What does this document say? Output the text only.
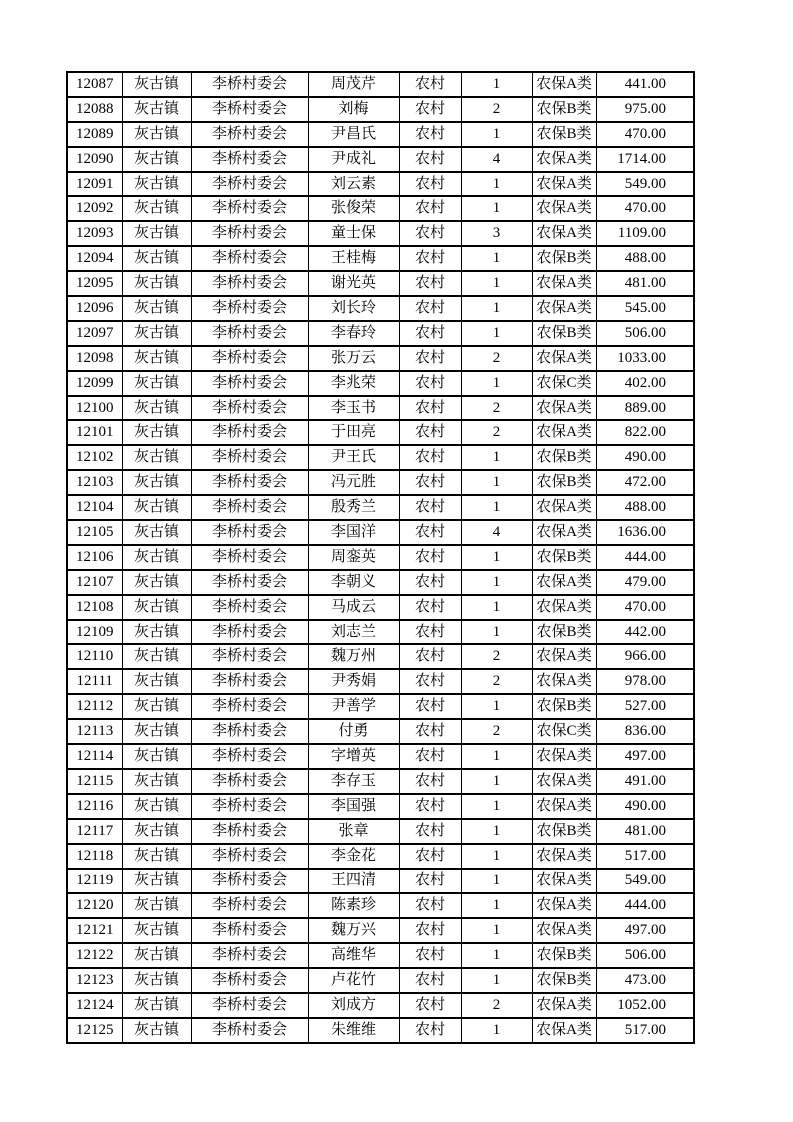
12087	灰古镇	李桥村委会	周茂芹	农村	1	农保A类	441.00
12088	灰古镇	李桥村委会	刘梅	农村	2	农保B类	975.00
12089	灰古镇	李桥村委会	尹昌氏	农村	1	农保B类	470.00
12090	灰古镇	李桥村委会	尹成礼	农村	4	农保A类	1714.00
12091	灰古镇	李桥村委会	刘云素	农村	1	农保A类	549.00
12092	灰古镇	李桥村委会	张俊荣	农村	1	农保A类	470.00
12093	灰古镇	李桥村委会	童士保	农村	3	农保A类	1109.00
12094	灰古镇	李桥村委会	王桂梅	农村	1	农保B类	488.00
12095	灰古镇	李桥村委会	谢光英	农村	1	农保A类	481.00
12096	灰古镇	李桥村委会	刘长玲	农村	1	农保A类	545.00
12097	灰古镇	李桥村委会	李春玲	农村	1	农保B类	506.00
12098	灰古镇	李桥村委会	张万云	农村	2	农保A类	1033.00
12099	灰古镇	李桥村委会	李兆荣	农村	1	农保C类	402.00
12100	灰古镇	李桥村委会	李玉书	农村	2	农保A类	889.00
12101	灰古镇	李桥村委会	于田亮	农村	2	农保A类	822.00
12102	灰古镇	李桥村委会	尹王氏	农村	1	农保B类	490.00
12103	灰古镇	李桥村委会	冯元胜	农村	1	农保B类	472.00
12104	灰古镇	李桥村委会	殷秀兰	农村	1	农保A类	488.00
12105	灰古镇	李桥村委会	李国洋	农村	4	农保A类	1636.00
12106	灰古镇	李桥村委会	周銮英	农村	1	农保B类	444.00
12107	灰古镇	李桥村委会	李朝义	农村	1	农保A类	479.00
12108	灰古镇	李桥村委会	马成云	农村	1	农保A类	470.00
12109	灰古镇	李桥村委会	刘志兰	农村	1	农保B类	442.00
12110	灰古镇	李桥村委会	魏万州	农村	2	农保A类	966.00
12111	灰古镇	李桥村委会	尹秀娟	农村	2	农保A类	978.00
12112	灰古镇	李桥村委会	尹善学	农村	1	农保B类	527.00
12113	灰古镇	李桥村委会	付勇	农村	2	农保C类	836.00
12114	灰古镇	李桥村委会	字增英	农村	1	农保A类	497.00
12115	灰古镇	李桥村委会	李存玉	农村	1	农保A类	491.00
12116	灰古镇	李桥村委会	李国强	农村	1	农保A类	490.00
12117	灰古镇	李桥村委会	张章	农村	1	农保B类	481.00
12118	灰古镇	李桥村委会	李金花	农村	1	农保A类	517.00
12119	灰古镇	李桥村委会	王四清	农村	1	农保A类	549.00
12120	灰古镇	李桥村委会	陈素珍	农村	1	农保A类	444.00
12121	灰古镇	李桥村委会	魏万兴	农村	1	农保A类	497.00
12122	灰古镇	李桥村委会	高维华	农村	1	农保B类	506.00
12123	灰古镇	李桥村委会	卢花竹	农村	1	农保B类	473.00
12124	灰古镇	李桥村委会	刘成方	农村	2	农保A类	1052.00
12125	灰古镇	李桥村委会	朱维维	农村	1	农保A类	517.00
